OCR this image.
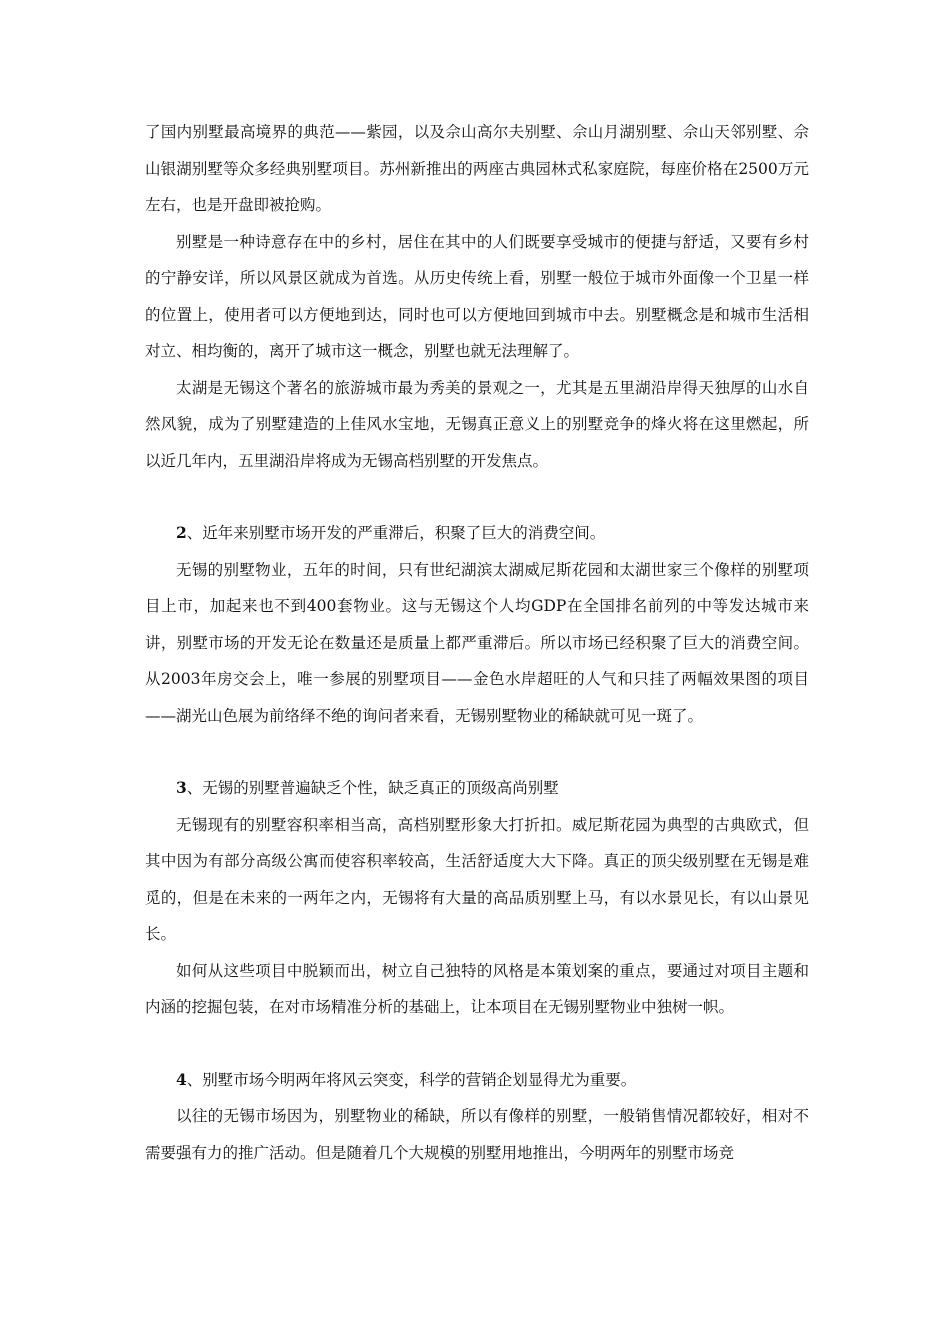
了国内别墅最高境界的典范——紫园，以及佘山高尔夫别墅、佘山月湖别墅、佘山天邻别墅、佘山银湖别墅等众多经典别墅项目。苏州新推出的两座古典园林式私家庭院，每座价格在2500万元左右，也是开盘即被抢购。

别墅是一种诗意存在中的乡村，居住在其中的人们既要享受城市的便捷与舒适，又要有乡村的宁静安详，所以风景区就成为首选。从历史传统上看，别墅一般位于城市外面像一个卫星一样的位置上，使用者可以方便地到达，同时也可以方便地回到城市中去。别墅概念是和城市生活相对立、相均衡的，离开了城市这一概念，别墅也就无法理解了。

太湖是无锡这个著名的旅游城市最为秀美的景观之一，尤其是五里湖沿岸得天独厚的山水自然风貌，成为了别墅建造的上佳风水宝地，无锡真正意义上的别墅竞争的烽火将在这里燃起，所以近几年内，五里湖沿岸将成为无锡高档别墅的开发焦点。

2、近年来别墅市场开发的严重滞后，积聚了巨大的消费空间。

无锡的别墅物业，五年的时间，只有世纪湖滨太湖威尼斯花园和太湖世家三个像样的别墅项目上市，加起来也不到400套物业。这与无锡这个人均GDP在全国排名前列的中等发达城市来讲，别墅市场的开发无论在数量还是质量上都严重滞后。所以市场已经积聚了巨大的消费空间。从2003年房交会上，唯一参展的别墅项目——金色水岸超旺的人气和只挂了两幅效果图的项目——湖光山色展为前络绎不绝的询问者来看，无锡别墅物业的稀缺就可见一斑了。

3、无锡的别墅普遍缺乏个性，缺乏真正的顶级高尚别墅

无锡现有的别墅容积率相当高，高档别墅形象大打折扣。威尼斯花园为典型的古典欧式，但其中因为有部分高级公寓而使容积率较高，生活舒适度大大下降。真正的顶尖级别墅在无锡是难觅的，但是在未来的一两年之内，无锡将有大量的高品质别墅上马，有以水景见长，有以山景见长。

如何从这些项目中脱颖而出，树立自己独特的风格是本策划案的重点，要通过对项目主题和内涵的挖掘包装，在对市场精准分析的基础上，让本项目在无锡别墅物业中独树一帜。

4、别墅市场今明两年将风云突变，科学的营销企划显得尤为重要。

以往的无锡市场因为，别墅物业的稀缺，所以有像样的别墅，一般销售情况都较好，相对不需要强有力的推广活动。但是随着几个大规模的别墅用地推出，今明两年的别墅市场竞
